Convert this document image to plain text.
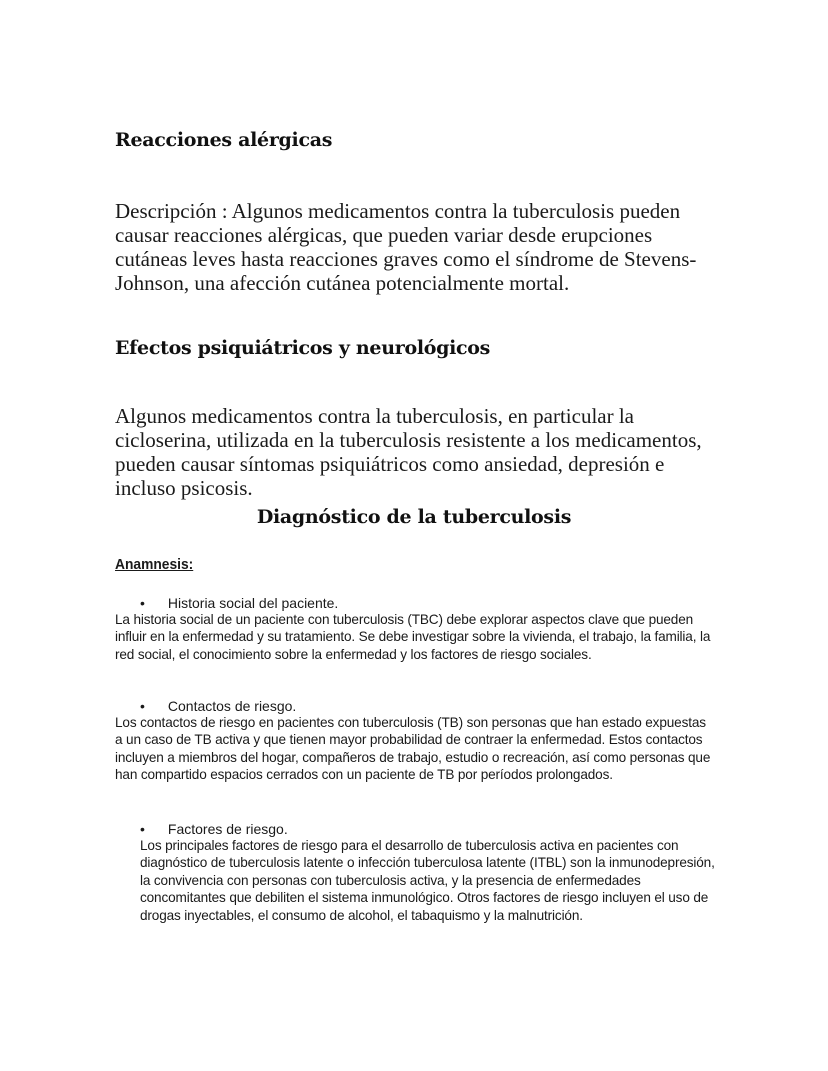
Reacciones alérgicas

Descripción : Algunos medicamentos contra la tuberculosis pueden causar reacciones alérgicas, que pueden variar desde erupciones cutáneas leves hasta reacciones graves como el síndrome de Stevens-Johnson, una afección cutánea potencialmente mortal.

Efectos psiquiátricos y neurológicos

Algunos medicamentos contra la tuberculosis, en particular la cicloserina, utilizada en la tuberculosis resistente a los medicamentos, pueden causar síntomas psiquiátricos como ansiedad, depresión e incluso psicosis.

Diagnóstico de la tuberculosis
Anamnesis:
• Historia social del paciente.

La historia social de un paciente con tuberculosis (TBC) debe explorar aspectos clave que pueden influir en la enfermedad y su tratamiento. Se debe investigar sobre la vivienda, el trabajo, la familia, la red social, el conocimiento sobre la enfermedad y los factores de riesgo sociales.

• Contactos de riesgo.

Los contactos de riesgo en pacientes con tuberculosis (TB) son personas que han estado expuestas a un caso de TB activa y que tienen mayor probabilidad de contraer la enfermedad. Estos contactos incluyen a miembros del hogar, compañeros de trabajo, estudio o recreación, así como personas que han compartido espacios cerrados con un paciente de TB por períodos prolongados.

• Factores de riesgo.

Los principales factores de riesgo para el desarrollo de tuberculosis activa en pacientes con diagnóstico de tuberculosis latente o infección tuberculosa latente (ITBL) son la inmunodepresión, la convivencia con personas con tuberculosis activa, y la presencia de enfermedades concomitantes que debiliten el sistema inmunológico. Otros factores de riesgo incluyen el uso de drogas inyectables, el consumo de alcohol, el tabaquismo y la malnutrición.
